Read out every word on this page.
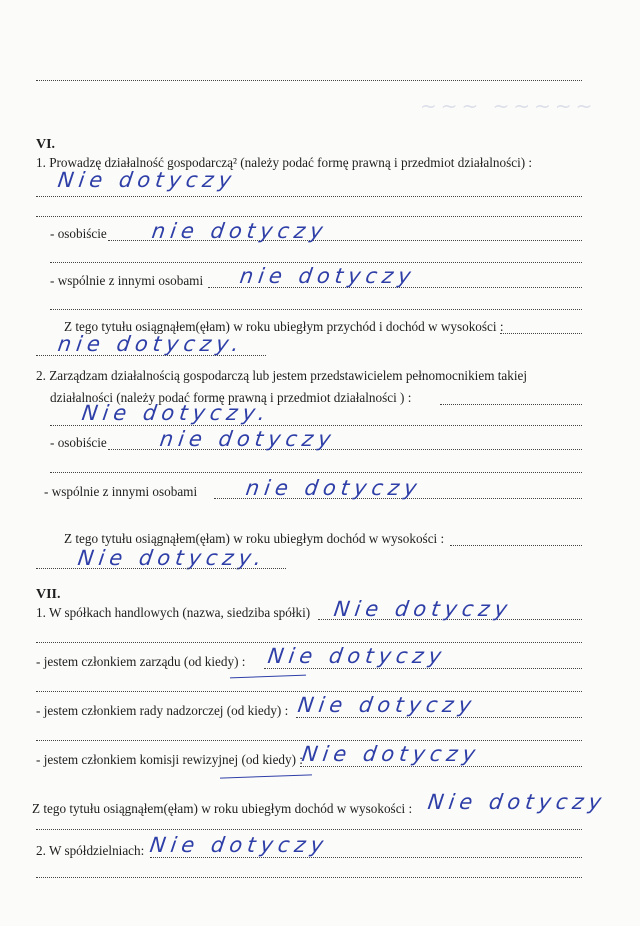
~~~ ~~~~~
VI.
1. Prowadzę działalność gospodarczą² (należy podać formę prawną i przedmiot działalności) :
Nie dotyczy
- osobiście nie dotyczy
- wspólnie z innymi osobami nie dotyczy
Z tego tytułu osiągnąłem(ęłam) w roku ubiegłym przychód i dochód w wysokości :
nie dotyczy.
2. Zarządzam działalnością gospodarczą lub jestem przedstawicielem pełnomocnikiem takiej
działalności (należy podać formę prawną i przedmiot działalności ) :
Nie dotyczy.
- osobiście nie dotyczy
- wspólnie z innymi osobami nie dotyczy
Z tego tytułu osiągnąłem(ęłam) w roku ubiegłym dochód w wysokości :
Nie dotyczy.
VII.
1. W spółkach handlowych (nazwa, siedziba spółki) Nie dotyczy
- jestem członkiem zarządu (od kiedy) : Nie dotyczy
- jestem członkiem rady nadzorczej (od kiedy) : Nie dotyczy
- jestem członkiem komisji rewizyjnej (od kiedy) :
Nie dotyczy
Z tego tytułu osiągnąłem(ęłam) w roku ubiegłym dochód w wysokości : Nie dotyczy
2. W spółdzielniach: Nie dotyczy
